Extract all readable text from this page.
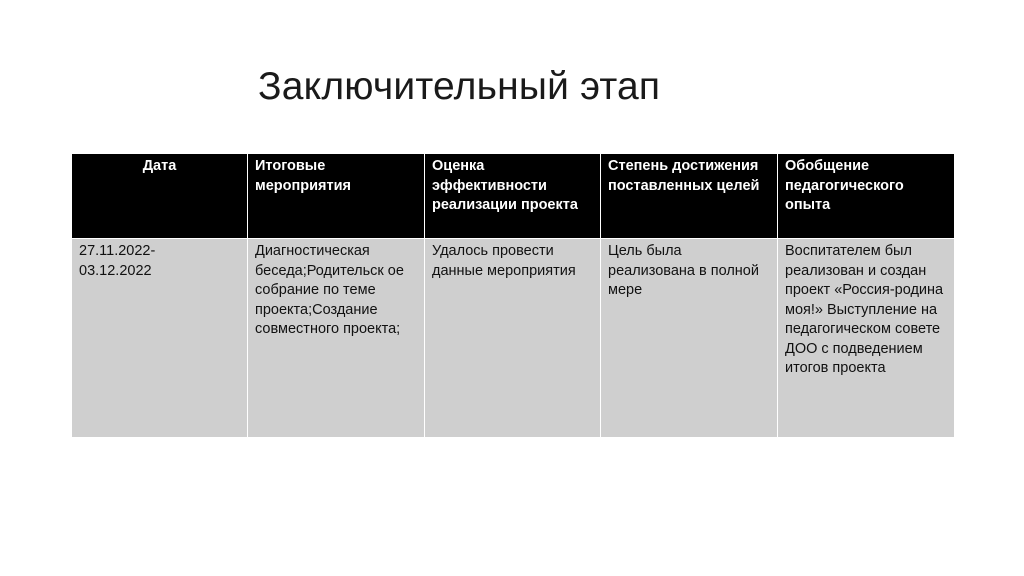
Заключительный этап
Дата	Итоговые мероприятия	Оценка эффективности реализации проекта	Степень достижения поставленных целей	Обобщение педагогического опыта
27.11.2022-
03.12.2022	Диагностическая беседа;Родительск ое собрание по теме проекта;Создание совместного проекта;	Удалось провести данные мероприятия	Цель была реализована в полной мере	Воспитателем был реализован и создан проект «Россия-родина моя!» Выступление на педагогическом совете ДОО с подведением итогов проекта
